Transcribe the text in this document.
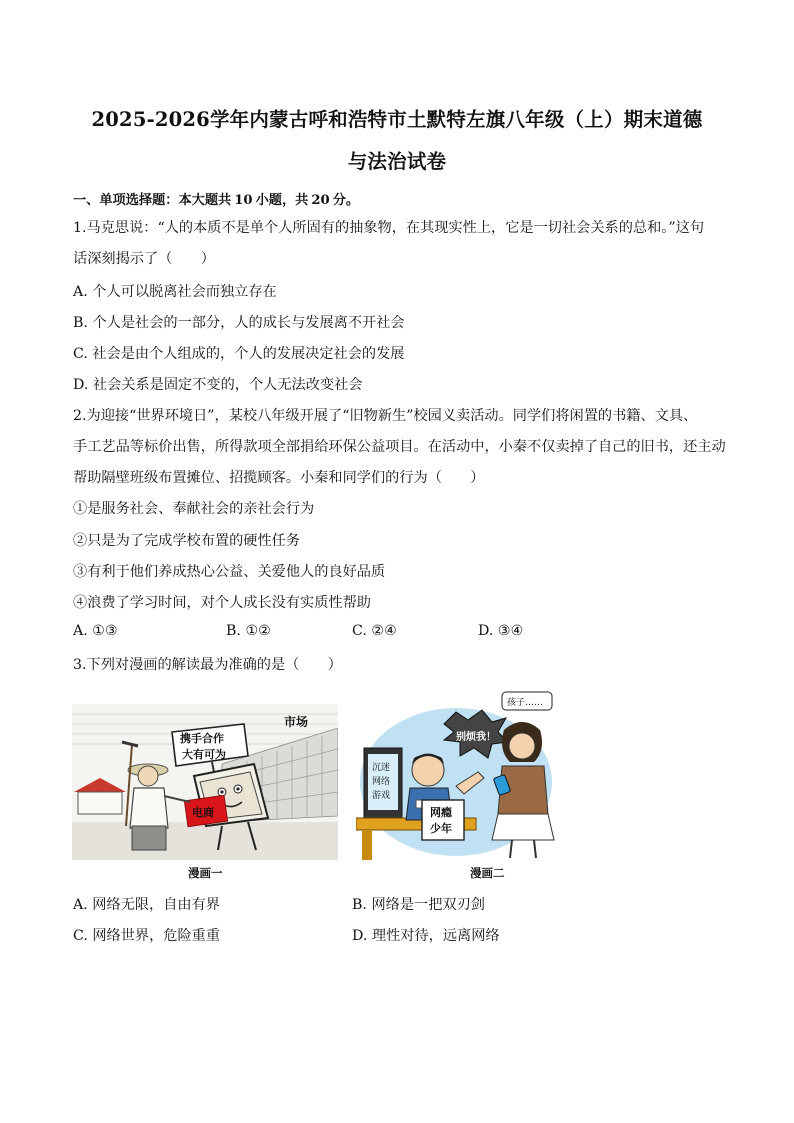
2025-2026学年内蒙古呼和浩特市土默特左旗八年级（上）期末道德
与法治试卷
一、单项选择题：本大题共 10 小题，共 20 分。
1.马克思说：“人的本质不是单个人所固有的抽象物，在其现实性上，它是一切社会关系的总和。”这句
话深刻揭示了（　　）
A. 个人可以脱离社会而独立存在
B. 个人是社会的一部分，人的成长与发展离不开社会
C. 社会是由个人组成的，个人的发展决定社会的发展
D. 社会关系是固定不变的，个人无法改变社会
2.为迎接“世界环境日”，某校八年级开展了“旧物新生”校园义卖活动。同学们将闲置的书籍、文具、
手工艺品等标价出售，所得款项全部捐给环保公益项目。在活动中，小秦不仅卖掉了自己的旧书，还主动
帮助隔壁班级布置摊位、招揽顾客。小秦和同学们的行为（　　）
①是服务社会、奉献社会的亲社会行为
②只是为了完成学校布置的硬性任务
③有利于他们养成热心公益、关爱他人的良好品质
④浪费了学习时间，对个人成长没有实质性帮助
A. ①③	B. ①②	C. ②④	D. ③④
3.下列对漫画的解读最为准确的是（　　）
市场
携手合作
大有可为
电商
漫画一
孩子……
别烦我！
沉迷
网络
游戏
网瘾
少年
漫画二
A. 网络无限，自由有界	B. 网络是一把双刃剑
C. 网络世界，危险重重	D. 理性对待，远离网络
